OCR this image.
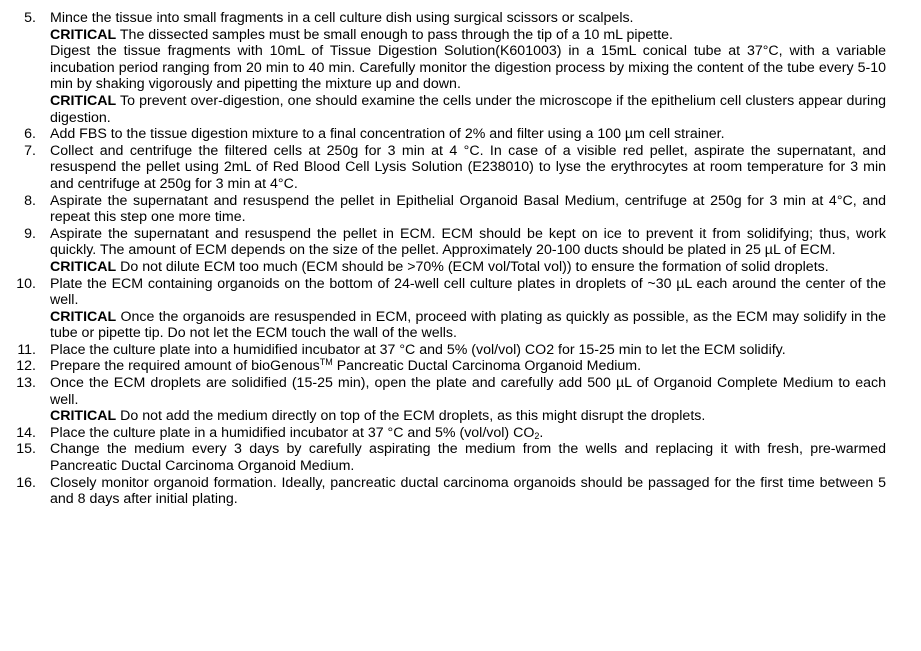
5. Mince the tissue into small fragments in a cell culture dish using surgical scissors or scalpels.

CRITICAL The dissected samples must be small enough to pass through the tip of a 10 mL pipette.

Digest the tissue fragments with 10mL of Tissue Digestion Solution(K601003) in a 15mL conical tube at 37°C, with a variable incubation period ranging from 20 min to 40 min. Carefully monitor the digestion process by mixing the content of the tube every 5-10 min by shaking vigorously and pipetting the mixture up and down.

CRITICAL To prevent over-digestion, one should examine the cells under the microscope if the epithelium cell clusters appear during digestion.

6. Add FBS to the tissue digestion mixture to a final concentration of 2% and filter using a 100 µm cell strainer.

7. Collect and centrifuge the filtered cells at 250g for 3 min at 4 °C. In case of a visible red pellet, aspirate the supernatant, and resuspend the pellet using 2mL of Red Blood Cell Lysis Solution (E238010) to lyse the erythrocytes at room temperature for 3 min and centrifuge at 250g for 3 min at 4°C.

8. Aspirate the supernatant and resuspend the pellet in Epithelial Organoid Basal Medium, centrifuge at 250g for 3 min at 4°C, and repeat this step one more time.

9. Aspirate the supernatant and resuspend the pellet in ECM. ECM should be kept on ice to prevent it from solidifying; thus, work quickly. The amount of ECM depends on the size of the pellet. Approximately 20-100 ducts should be plated in 25 µL of ECM.

CRITICAL Do not dilute ECM too much (ECM should be >70% (ECM vol/Total vol)) to ensure the formation of solid droplets.

10. Plate the ECM containing organoids on the bottom of 24-well cell culture plates in droplets of ~30 µL each around the center of the well.

CRITICAL Once the organoids are resuspended in ECM, proceed with plating as quickly as possible, as the ECM may solidify in the tube or pipette tip. Do not let the ECM touch the wall of the wells.

11. Place the culture plate into a humidified incubator at 37 °C and 5% (vol/vol) CO2 for 15-25 min to let the ECM solidify.

12. Prepare the required amount of bioGenous™ Pancreatic Ductal Carcinoma Organoid Medium.

13. Once the ECM droplets are solidified (15-25 min), open the plate and carefully add 500 µL of Organoid Complete Medium to each well.

CRITICAL Do not add the medium directly on top of the ECM droplets, as this might disrupt the droplets.

14. Place the culture plate in a humidified incubator at 37 °C and 5% (vol/vol) $CO_2$.

15. Change the medium every 3 days by carefully aspirating the medium from the wells and replacing it with fresh, pre-warmed Pancreatic Ductal Carcinoma Organoid Medium.

16. Closely monitor organoid formation. Ideally, pancreatic ductal carcinoma organoids should be passaged for the first time between 5 and 8 days after initial plating.
